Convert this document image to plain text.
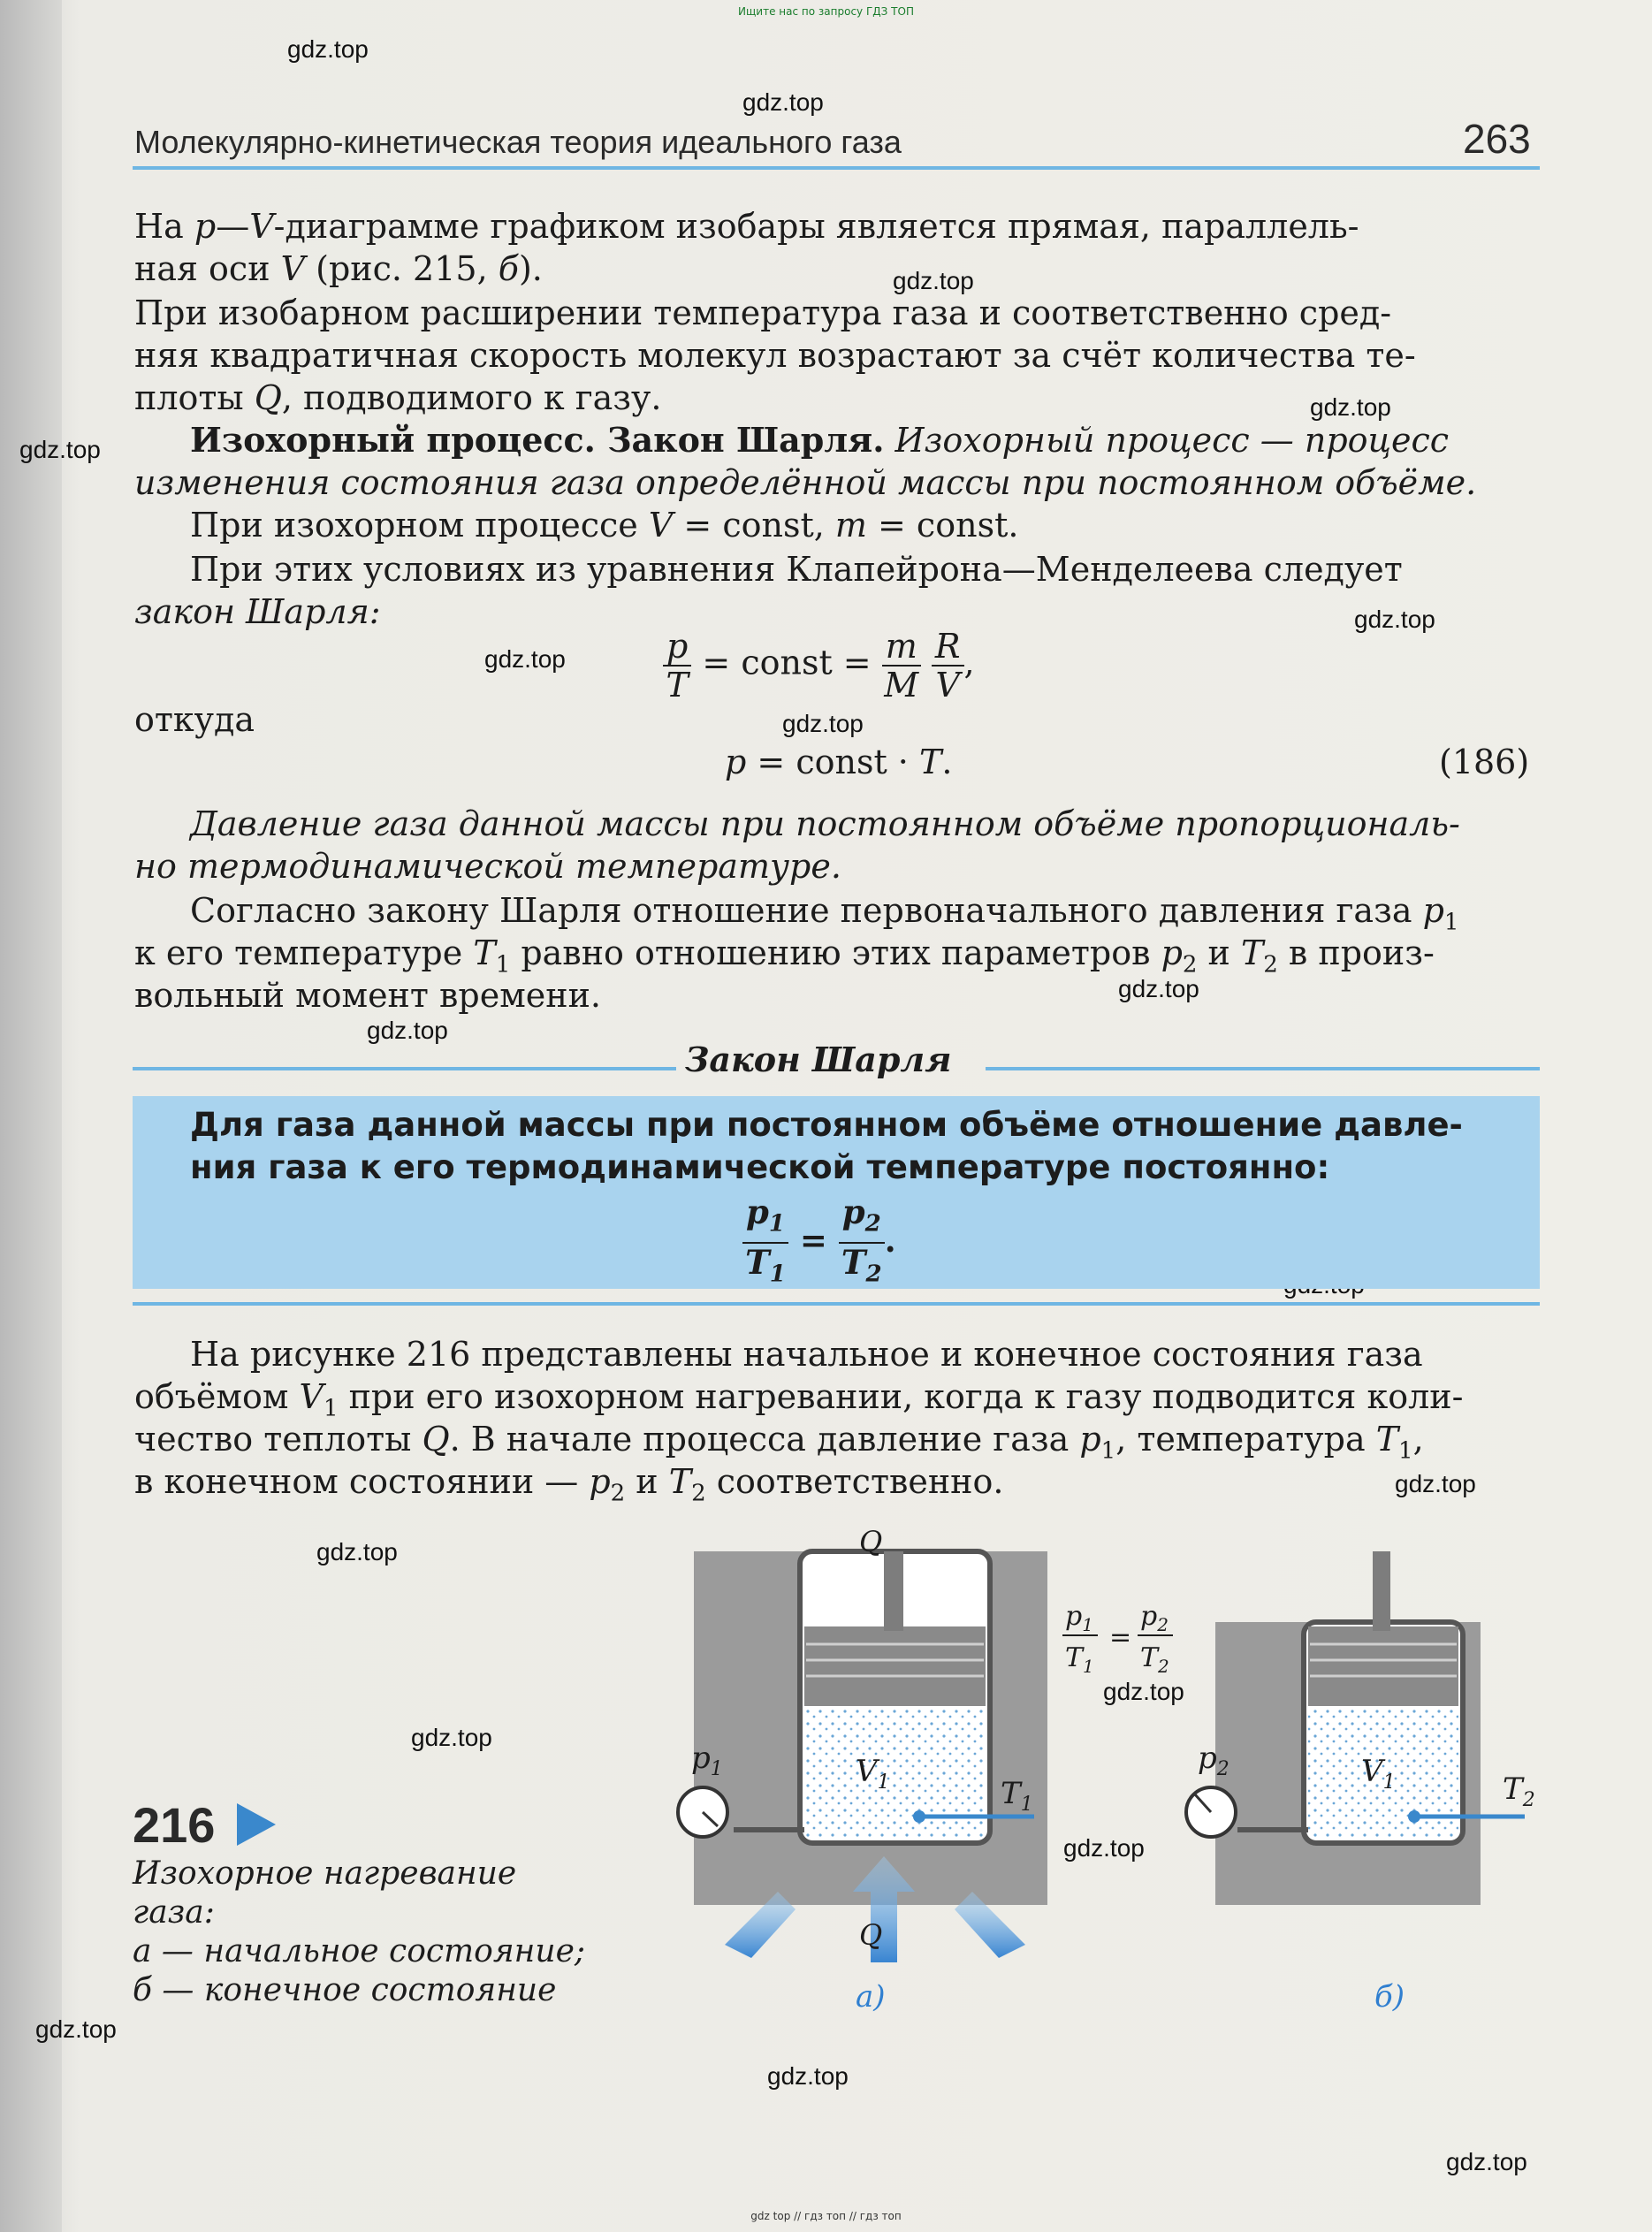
Ищите нас по запросу ГДЗ ТОП
gdz top // гдз топ // гдз топ
gdz.top
gdz.top
gdz.top
gdz.top
gdz.top
gdz.top
gdz.top
gdz.top
gdz.top
gdz.top
gdz.top
gdz.top
gdz.top
gdz.top
gdz.top
gdz.top
gdz.top
gdz.top
Молекулярно-кинетическая теория идеального газа	263
На p—V-диаграмме графиком изобары является прямая, параллель-
ная оси V (рис. 215, б).
При изобарном расширении температура газа и соответственно сред-
няя квадратичная скорость молекул возрастают за счёт количества те-
плоты Q, подводимого к газу.
Изохорный процесс. Закон Шарля. Изохорный процесс — процесс
изменения состояния газа определённой массы при постоянном объёме.
При изохорном процессе V = const, m = const.
При этих условиях из уравнения Клапейрона—Менделеева следует
закон Шарля:
$\frac{p}{T}$ = const = $\frac{m}{M}$
$\frac{R}{V}$ ,
откуда
p = const · T.	(186)
Давление газа данной массы при постоянном объёме пропорциональ-
но термодинамической температуре.
Согласно закону Шарля отношение первоначального давления газа $p_1$
к его температуре $T_1$ равно отношению этих параметров $p_2$ и $T_2$ в произ-
вольный момент времени.
Закон Шарля
Для газа данной массы при постоянном объёме отношение давле-
ния газа к его термодинамической температуре постоянно:
$\frac{p_1}{T_1} = \frac{p_2}{T_2}$ .
На рисунке 216 представлены начальное и конечное состояния газа
объёмом $V_1$ при его изохорном нагревании, когда к газу подводится коли-
чество теплоты Q. В начале процесса давление газа $p_1$, температура $T_1$,
в конечном состоянии — $p_2$ и $T_2$ соответственно.
216
Изохорное нагревание
газа:
а — начальное состояние;
б — конечное состояние
$p_1$	$V_1$	$T_1$
Q
Q
а)
$p_2$	$V_1$	$T_2$
б)
$p_1$
$T_1$
=
$p_2$
$T_2$
